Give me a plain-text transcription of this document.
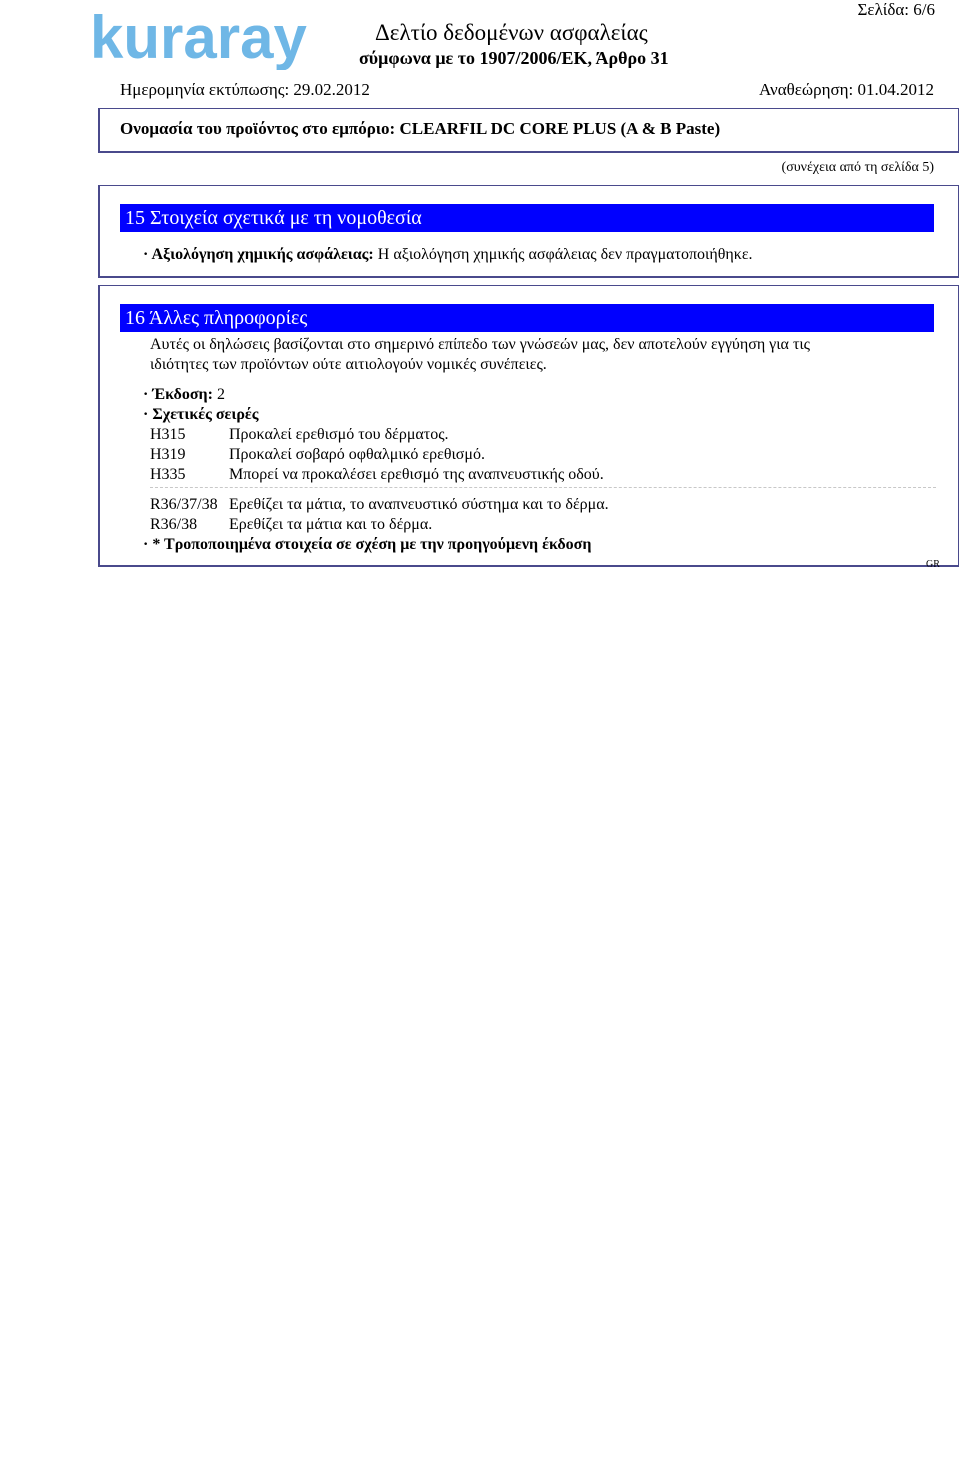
kuraray	Σελίδα: 6/6
Δελτίο δεδομένων ασφαλείας
σύμφωνα με το 1907/2006/ΕΚ, Άρθρο 31
Ημερομηνία εκτύπωσης: 29.02.2012	Αναθεώρηση: 01.04.2012
Ονομασία του προϊόντος στο εμπόριο: CLEARFIL DC CORE PLUS (A & B Paste)
(συνέχεια από τη σελίδα 5)
15 Στοιχεία σχετικά με τη νομοθεσία
· Αξιολόγηση χημικής ασφάλειας: Η αξιολόγηση χημικής ασφάλειας δεν πραγματοποιήθηκε.
16 Άλλες πληροφορίες
Αυτές οι δηλώσεις βασίζονται στο σημερινό επίπεδο των γνώσεών μας, δεν αποτελούν εγγύηση για τις
ιδιότητες των προϊόντων ούτε αιτιολογούν νομικές συνέπειες.
· Έκδοση: 2
· Σχετικές σειρές
H315	Προκαλεί ερεθισμό του δέρματος.
H319	Προκαλεί σοβαρό οφθαλμικό ερεθισμό.
H335	Μπορεί να προκαλέσει ερεθισμό της αναπνευστικής οδού.
R36/37/38 Ερεθίζει τα μάτια, το αναπνευστικό σύστημα και το δέρμα.
R36/38 Ερεθίζει τα μάτια και το δέρμα.
· * Τροποποιημένα στοιχεία σε σχέση με την προηγούμενη έκδοση
GR
